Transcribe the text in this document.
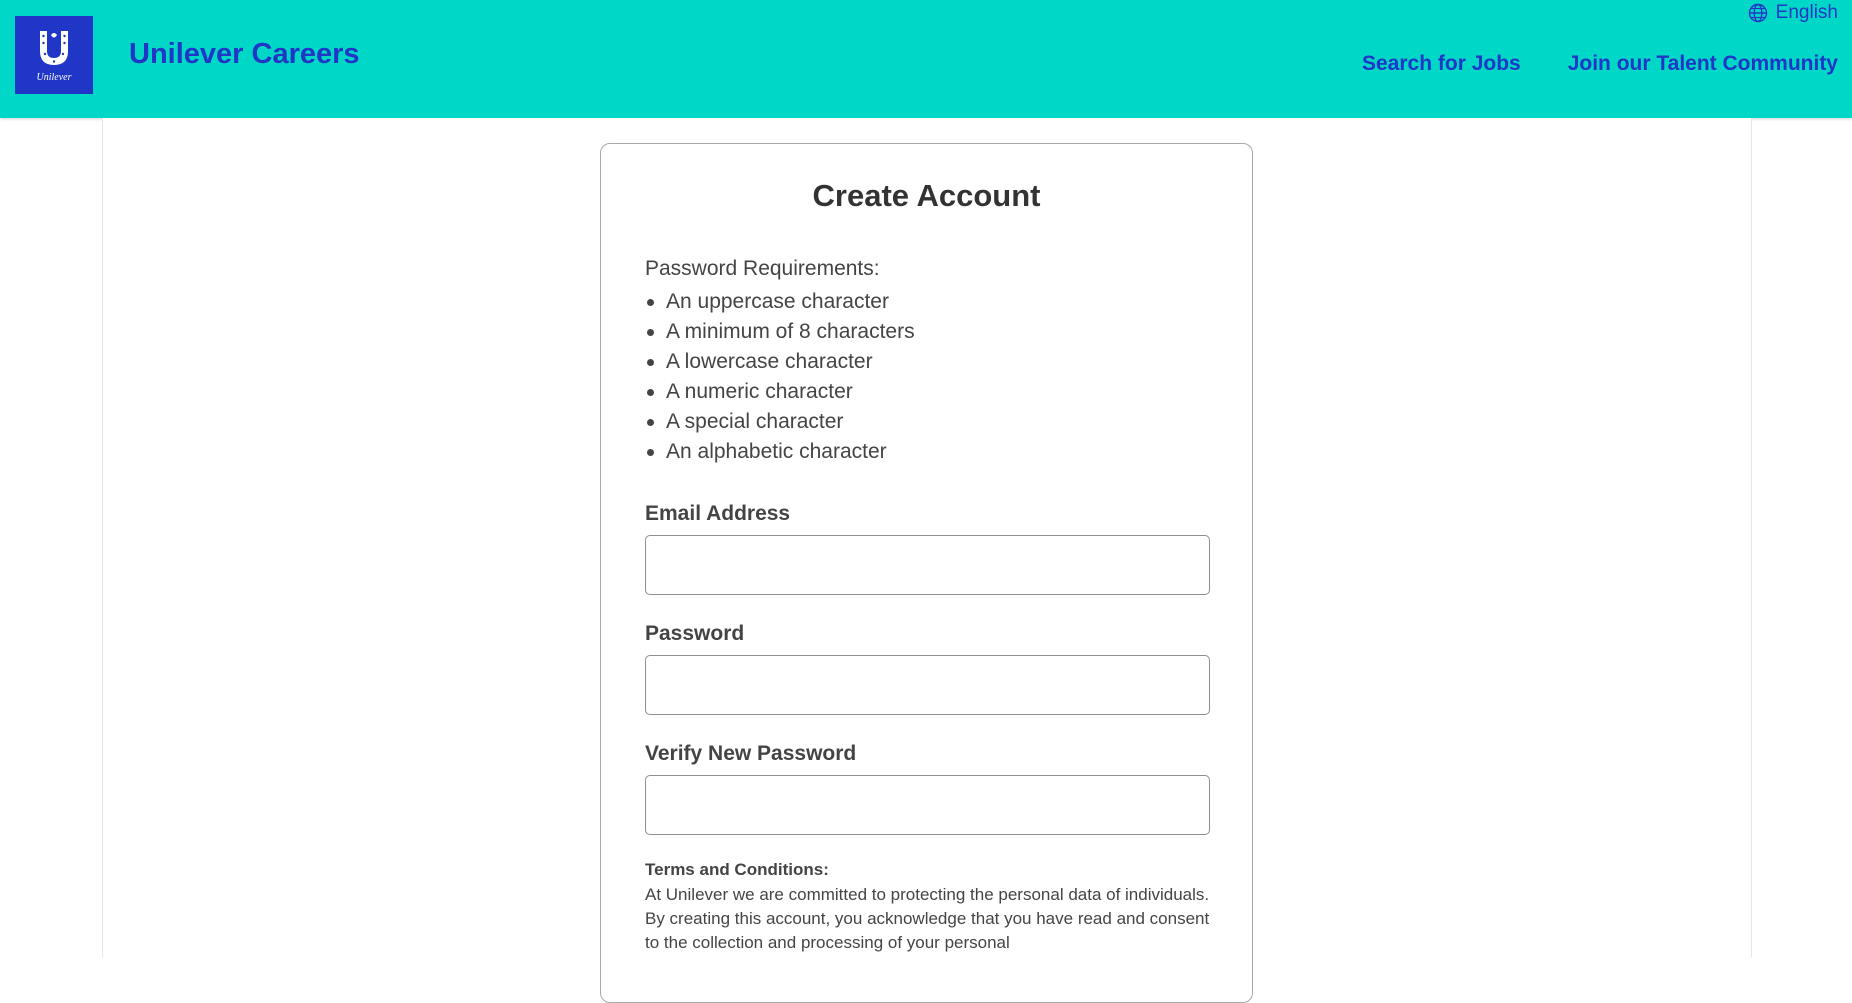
Unilever
Unilever Careers
English
Search for Jobs Join our Talent Community
Create Account
Password Requirements:
An uppercase character
A minimum of 8 characters
A lowercase character
A numeric character
A special character
An alphabetic character
Email Address
Password
Verify New Password
Terms and Conditions:
At Unilever we are committed to protecting the personal data of individuals. By creating this account, you acknowledge that you have read and consent to the collection and processing of your personal
